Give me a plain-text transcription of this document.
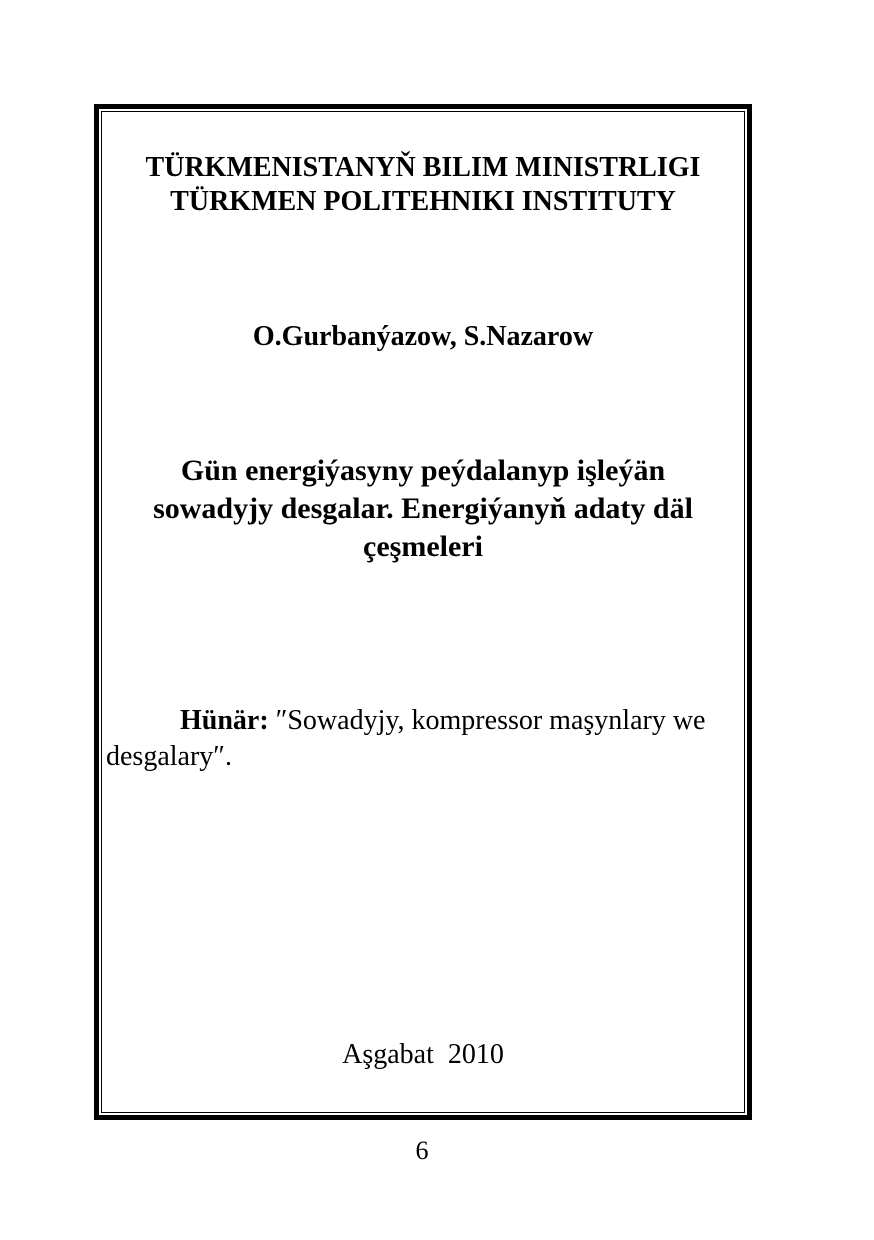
TÜRKMENISTANYŇ BILIM MINISTRLIGI
TÜRKMEN POLITEHNIKI INSTITUTY
O.Gurbanýazow, S.Nazarow
Gün energiýasyny peýdalanyp işleýän
sowadyjy desgalar. Energiýanyň adaty däl
çeşmeleri
Hünär: ″Sowadyjy, kompressor maşynlary we
desgalary″.
Aşgabat  2010
6
